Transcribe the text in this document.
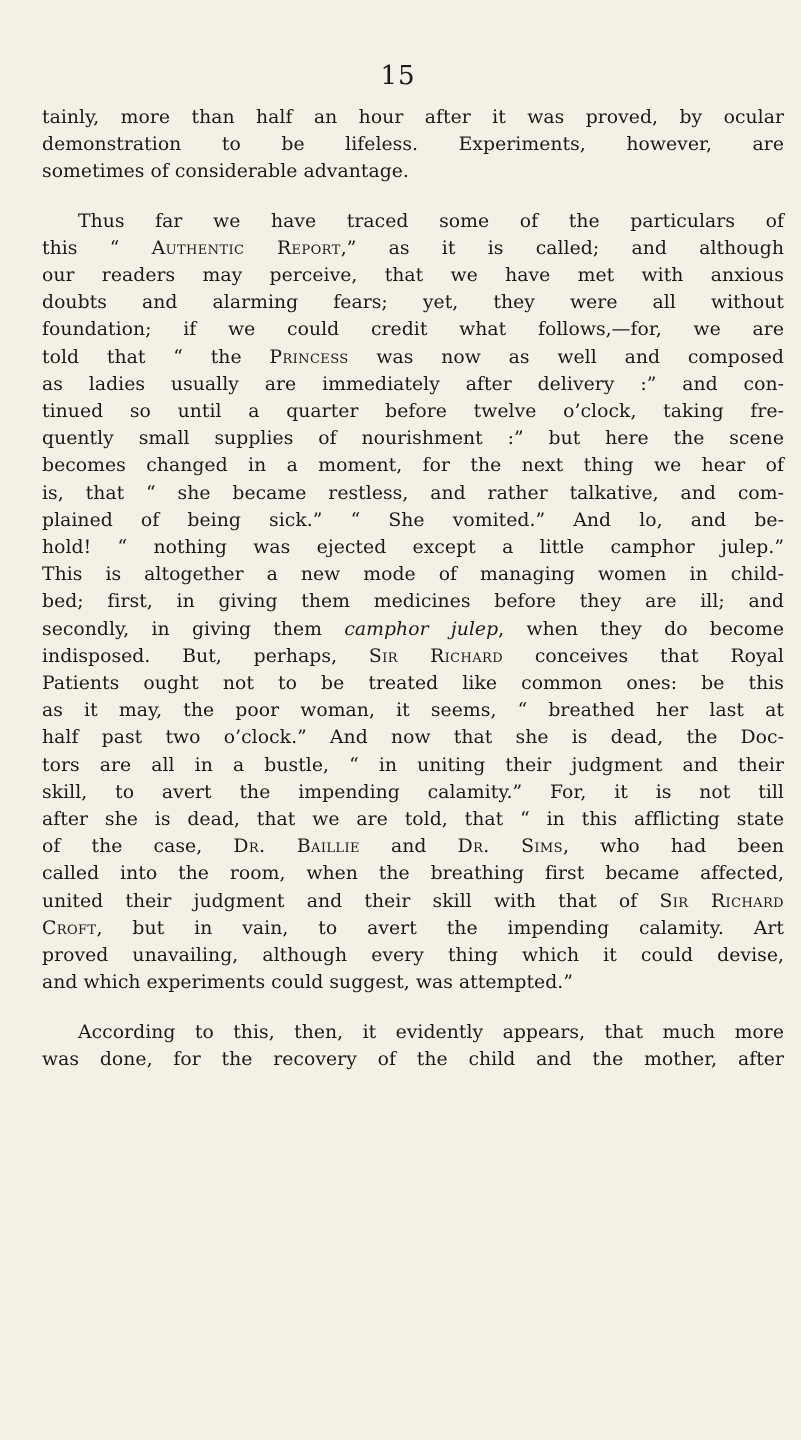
15

tainly, more than half an hour after it was proved, by ocular
demonstration to be lifeless. Experiments, however, are
sometimes of considerable advantage.

Thus far we have traced some of the particulars of
this “ Authentic Report,” as it is called; and although
our readers may perceive, that we have met with anxious
doubts and alarming fears; yet, they were all without
foundation; if we could credit what follows,—for, we are
told that “ the Princess was now as well and composed
as ladies usually are immediately after delivery :” and con-
tinued so until a quarter before twelve o’clock, taking fre-
quently small supplies of nourishment :” but here the scene
becomes changed in a moment, for the next thing we hear of
is, that “ she became restless, and rather talkative, and com-
plained of being sick.” “ She vomited.” And lo, and be-
hold! “ nothing was ejected except a little camphor julep.”
This is altogether a new mode of managing women in child-
bed; first, in giving them medicines before they are ill; and
secondly, in giving them camphor julep, when they do become
indisposed. But, perhaps, Sir Richard conceives that Royal
Patients ought not to be treated like common ones: be this
as it may, the poor woman, it seems, “ breathed her last at
half past two o’clock.” And now that she is dead, the Doc-
tors are all in a bustle, “ in uniting their judgment and their
skill, to avert the impending calamity.” For, it is not till
after she is dead, that we are told, that “ in this afflicting state
of the case, Dr. Baillie and Dr. Sims, who had been
called into the room, when the breathing first became affected,
united their judgment and their skill with that of Sir Richard
Croft, but in vain, to avert the impending calamity. Art
proved unavailing, although every thing which it could devise,
and which experiments could suggest, was attempted.”

According to this, then, it evidently appears, that much more
was done, for the recovery of the child and the mother, after
